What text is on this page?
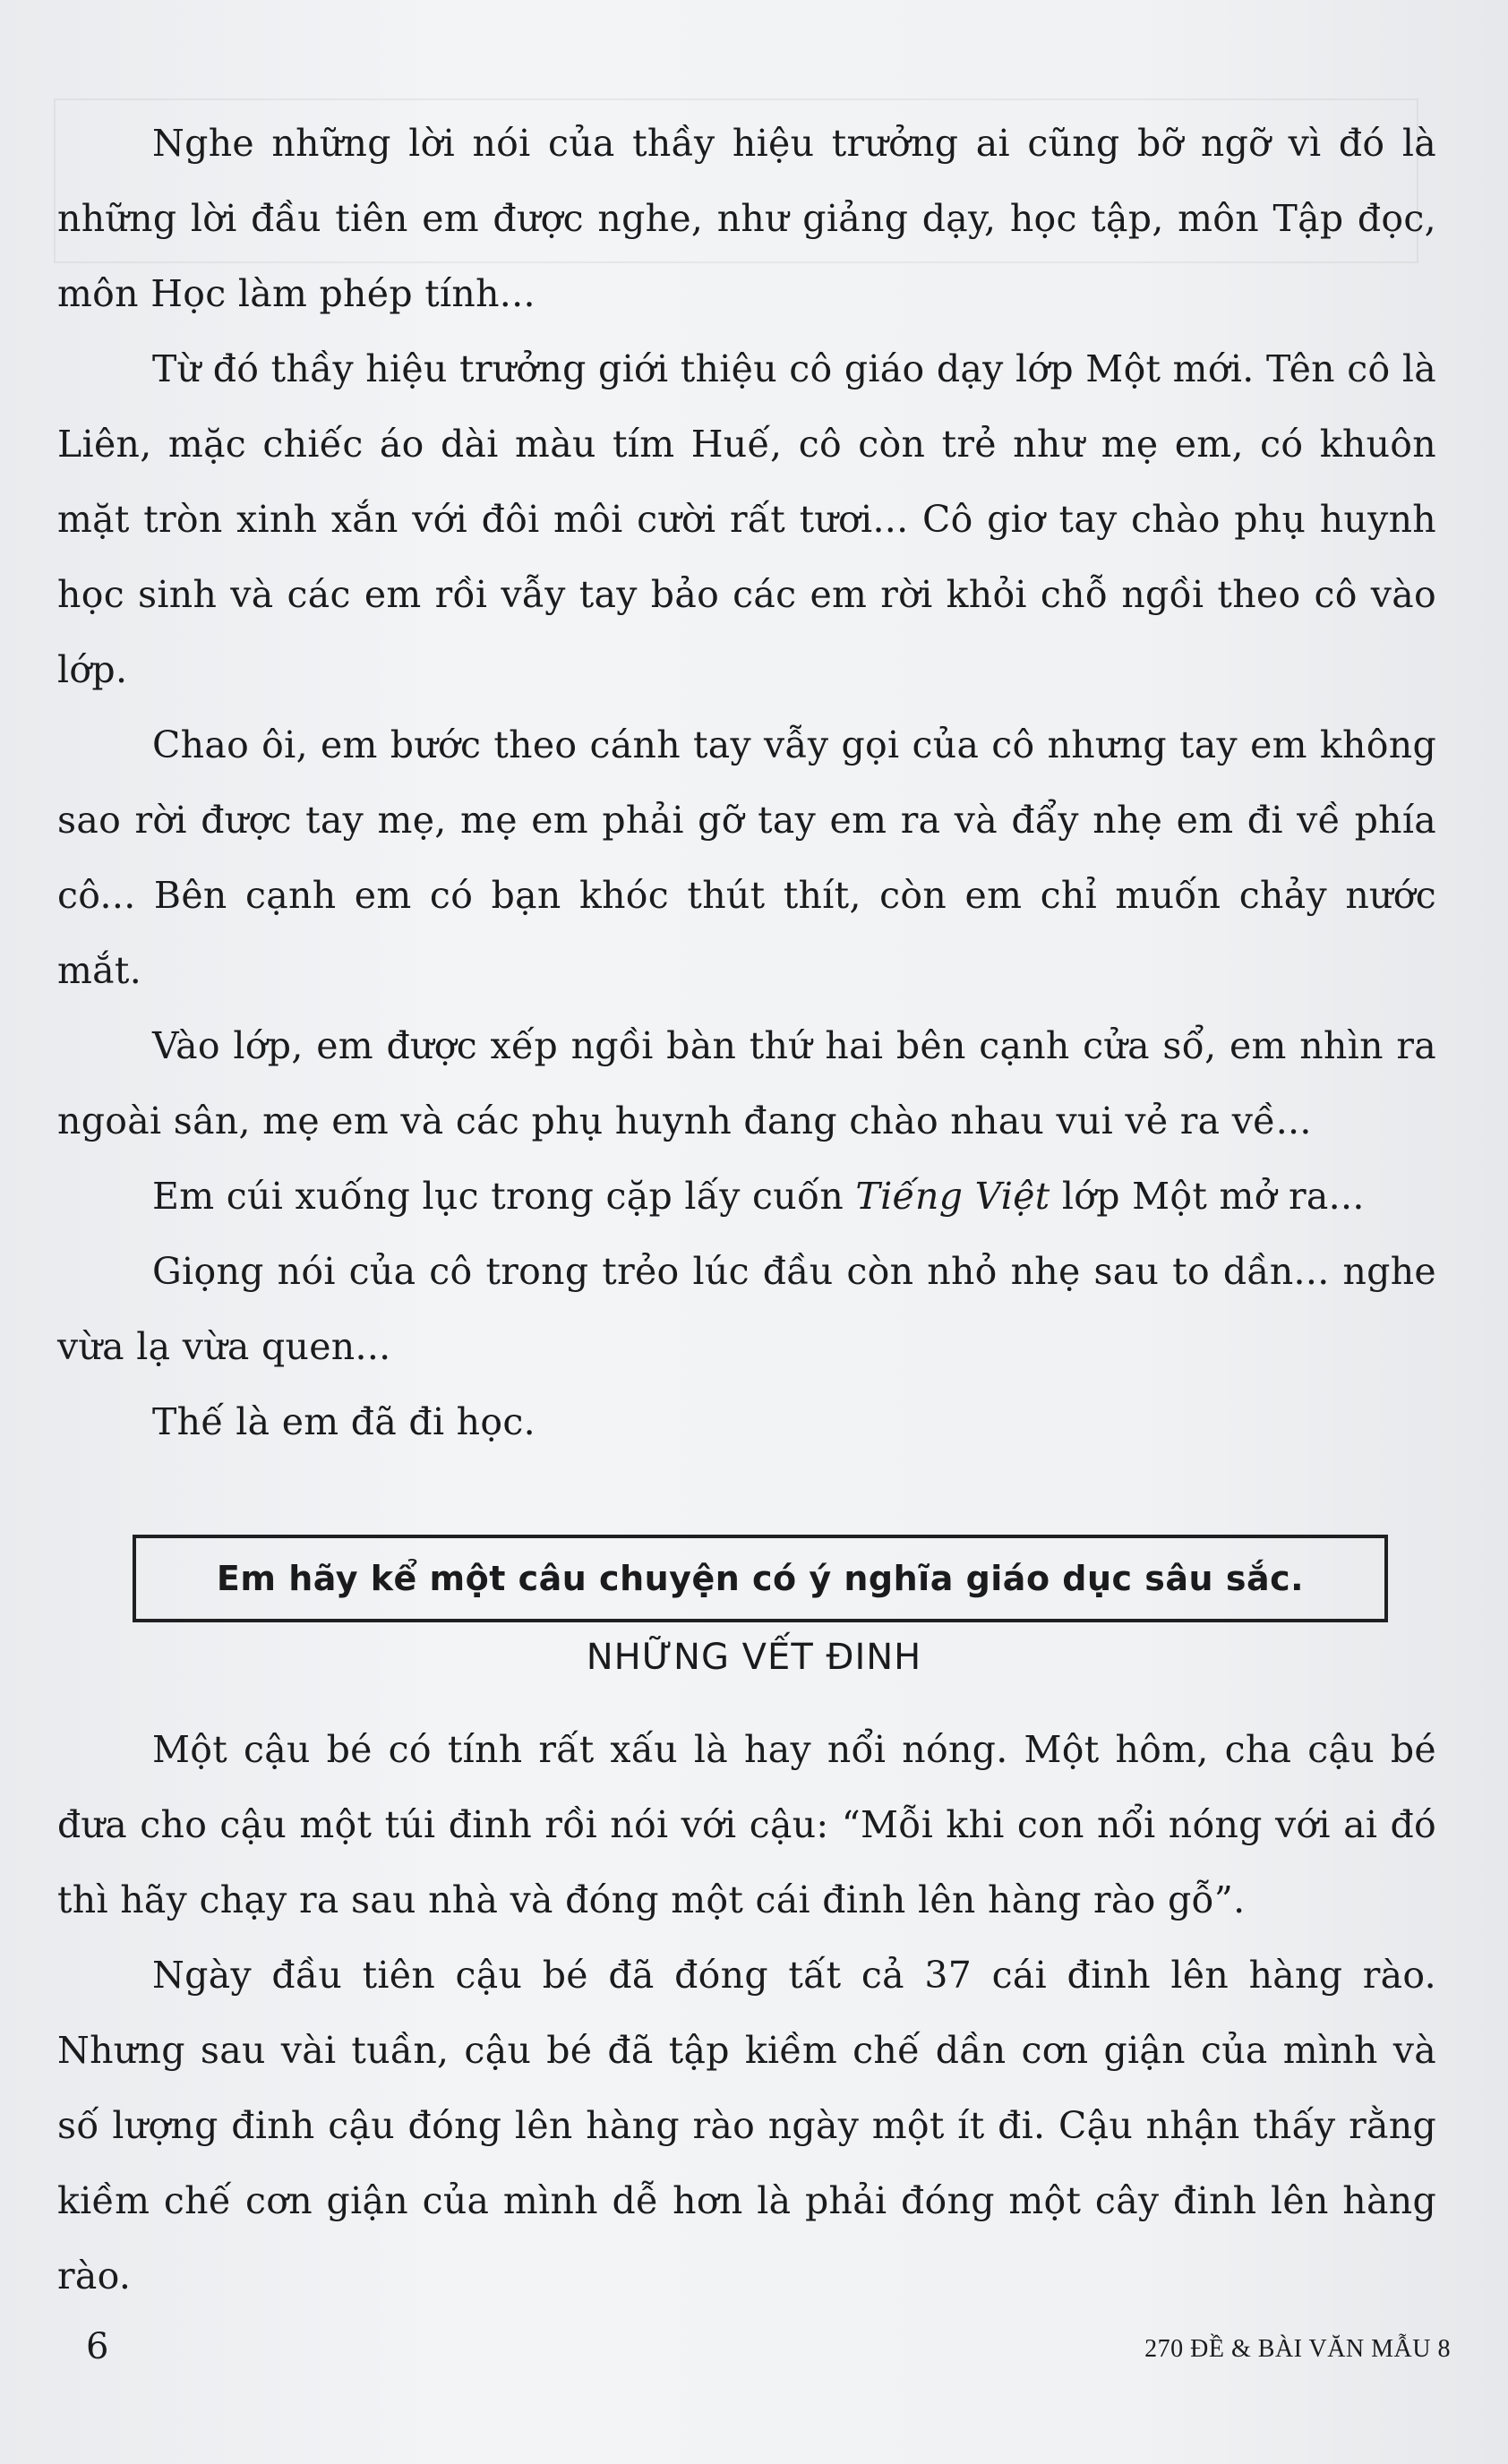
Nghe những lời nói của thầy hiệu trưởng ai cũng bỡ ngỡ vì đó là những lời đầu tiên em được nghe, như giảng dạy, học tập, môn Tập đọc, môn Học làm phép tính...

Từ đó thầy hiệu trưởng giới thiệu cô giáo dạy lớp Một mới. Tên cô là Liên, mặc chiếc áo dài màu tím Huế, cô còn trẻ như mẹ em, có khuôn mặt tròn xinh xắn với đôi môi cười rất tươi... Cô giơ tay chào phụ huynh học sinh và các em rồi vẫy tay bảo các em rời khỏi chỗ ngồi theo cô vào lớp.

Chao ôi, em bước theo cánh tay vẫy gọi của cô nhưng tay em không sao rời được tay mẹ, mẹ em phải gỡ tay em ra và đẩy nhẹ em đi về phía cô... Bên cạnh em có bạn khóc thút thít, còn em chỉ muốn chảy nước mắt.

Vào lớp, em được xếp ngồi bàn thứ hai bên cạnh cửa sổ, em nhìn ra ngoài sân, mẹ em và các phụ huynh đang chào nhau vui vẻ ra về...

Em cúi xuống lục trong cặp lấy cuốn Tiếng Việt lớp Một mở ra...

Giọng nói của cô trong trẻo lúc đầu còn nhỏ nhẹ sau to dần... nghe vừa lạ vừa quen...

Thế là em đã đi học.

Em hãy kể một câu chuyện có ý nghĩa giáo dục sâu sắc.
NHỮNG VẾT ĐINH

Một cậu bé có tính rất xấu là hay nổi nóng. Một hôm, cha cậu bé đưa cho cậu một túi đinh rồi nói với cậu: “Mỗi khi con nổi nóng với ai đó thì hãy chạy ra sau nhà và đóng một cái đinh lên hàng rào gỗ”.

Ngày đầu tiên cậu bé đã đóng tất cả 37 cái đinh lên hàng rào. Nhưng sau vài tuần, cậu bé đã tập kiềm chế dần cơn giận của mình và số lượng đinh cậu đóng lên hàng rào ngày một ít đi. Cậu nhận thấy rằng kiềm chế cơn giận của mình dễ hơn là phải đóng một cây đinh lên hàng rào.

6	270 ĐỀ & BÀI VĂN MẪU 8
